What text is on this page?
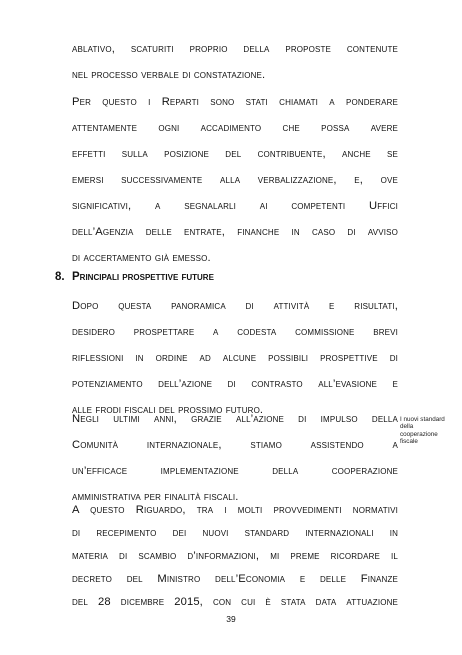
ablativo, scaturiti proprio della proposte contenute
nel processo verbale di constatazione.
Per questo i Reparti sono stati chiamati a ponderare
attentamente ogni accadimento che possa avere
effetti sulla posizione del contribuente, anche se
emersi successivamente alla verbalizzazione, e, ove
significativi, a segnalarli ai competenti Uffici
dell’Agenzia delle entrate, finanche in caso di avviso
di accertamento già emesso.
8. Principali prospettive future
Dopo questa panoramica di attività e risultati,
desidero prospettare a codesta commissione brevi
riflessioni in ordine ad alcune possibili prospettive di
potenziamento dell’azione di contrasto all’evasione e
alle frodi fiscali del prossimo futuro.
Negli ultimi anni, grazie all’azione di impulso della
Comunità internazionale, stiamo assistendo a
un’efficace implementazione della cooperazione
amministrativa per finalità fiscali.
I nuovi standard
della
cooperazione
fiscale
A questo Riguardo, tra i molti provvedimenti normativi
di recepimento dei nuovi standard internazionali in
materia di scambio d’informazioni, mi preme ricordare il
decreto del Ministro dell’Economia e delle Finanze
del 28 dicembre 2015, con cui è stata data attuazione
39
